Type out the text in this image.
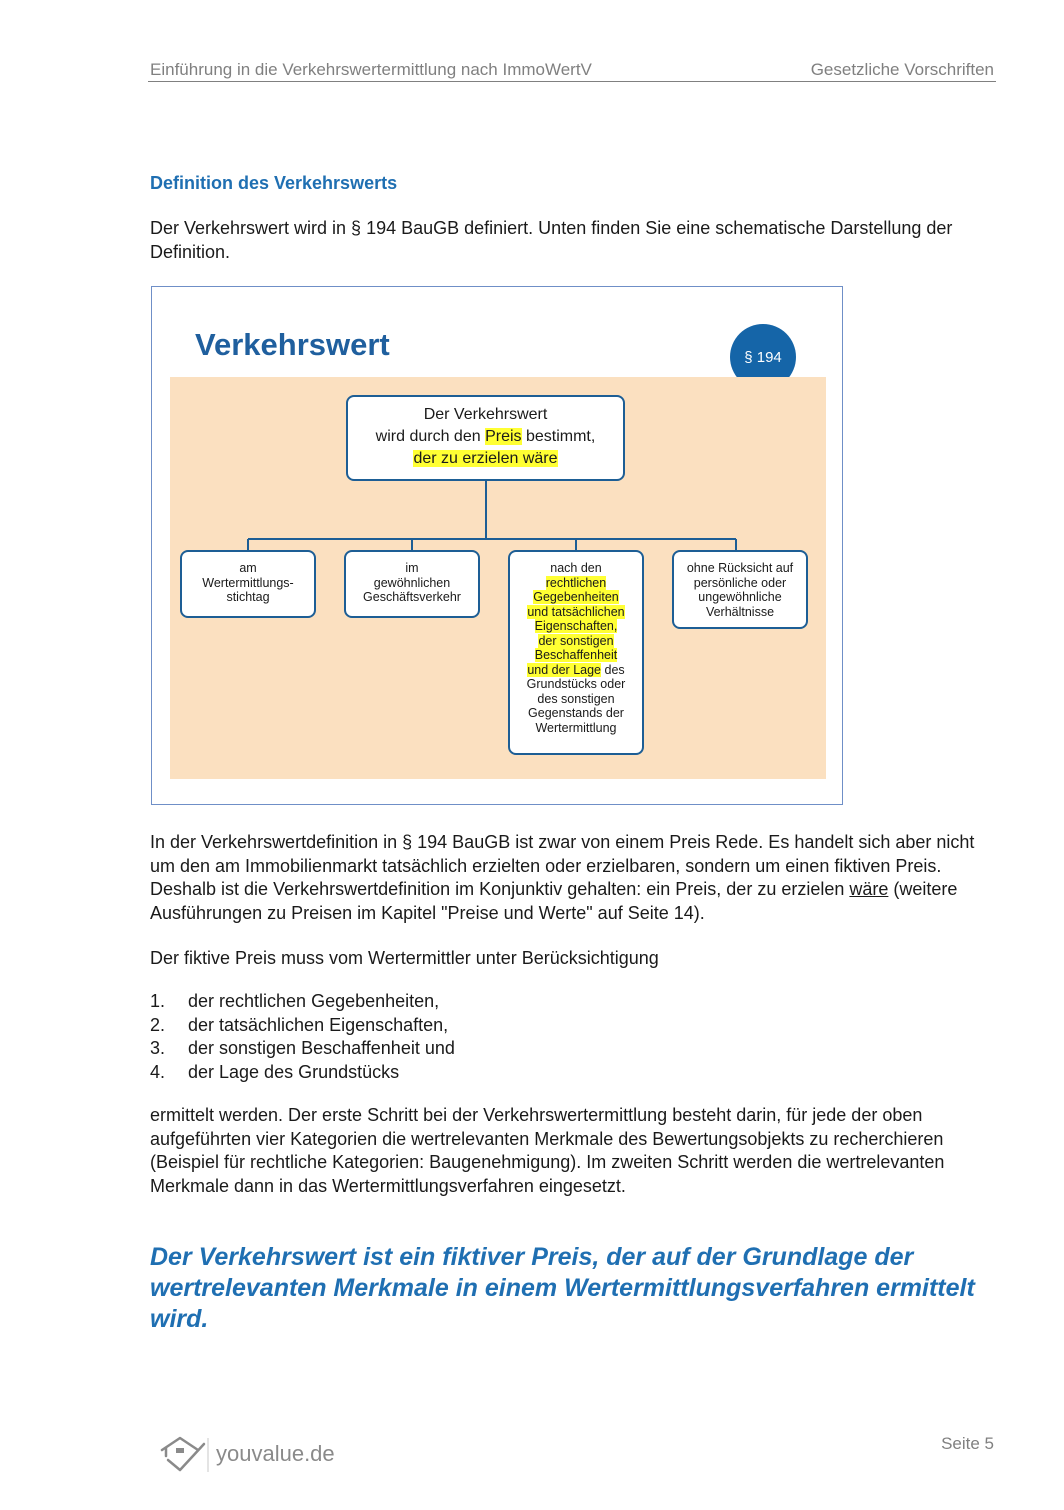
Einführung in die Verkehrswertermittlung nach ImmoWertV	Gesetzliche Vorschriften
Definition des Verkehrswerts
Der Verkehrswert wird in § 194 BauGB definiert. Unten finden Sie eine schematische Darstellung der Definition.
Verkehrswert	§ 194
Der Verkehrswert
wird durch den Preis bestimmt,
der zu erzielen wäre
am
Wertermittlungs-
stichtag
im
gewöhnlichen
Geschäftsverkehr
nach den
rechtlichen
Gegebenheiten
und tatsächlichen
Eigenschaften,
der sonstigen
Beschaffenheit
und der Lage des
Grundstücks oder
des sonstigen
Gegenstands der
Wertermittlung
ohne Rücksicht auf
persönliche oder
ungewöhnliche
Verhältnisse
In der Verkehrswertdefinition in § 194 BauGB ist zwar von einem Preis Rede. Es handelt sich aber nicht um den am Immobilienmarkt tatsächlich erzielten oder erzielbaren, sondern um einen fiktiven Preis. Deshalb ist die Verkehrswertdefinition im Konjunktiv gehalten: ein Preis, der zu erzielen wäre (weitere Ausführungen zu Preisen im Kapitel "Preise und Werte" auf Seite 14).
Der fiktive Preis muss vom Wertermittler unter Berücksichtigung
1.	der rechtlichen Gegebenheiten,
2.	der tatsächlichen Eigenschaften,
3.	der sonstigen Beschaffenheit und
4.	der Lage des Grundstücks
ermittelt werden. Der erste Schritt bei der Verkehrswertermittlung besteht darin, für jede der oben aufgeführten vier Kategorien die wertrelevanten Merkmale des Bewertungsobjekts zu recherchieren (Beispiel für rechtliche Kategorien: Baugenehmigung). Im zweiten Schritt werden die wertrelevanten Merkmale dann in das Wertermittlungsverfahren eingesetzt.
Der Verkehrswert ist ein fiktiver Preis, der auf der Grundlage der wertrelevanten Merkmale in einem Wertermittlungsverfahren ermittelt wird.
youvalue.de	Seite 5
